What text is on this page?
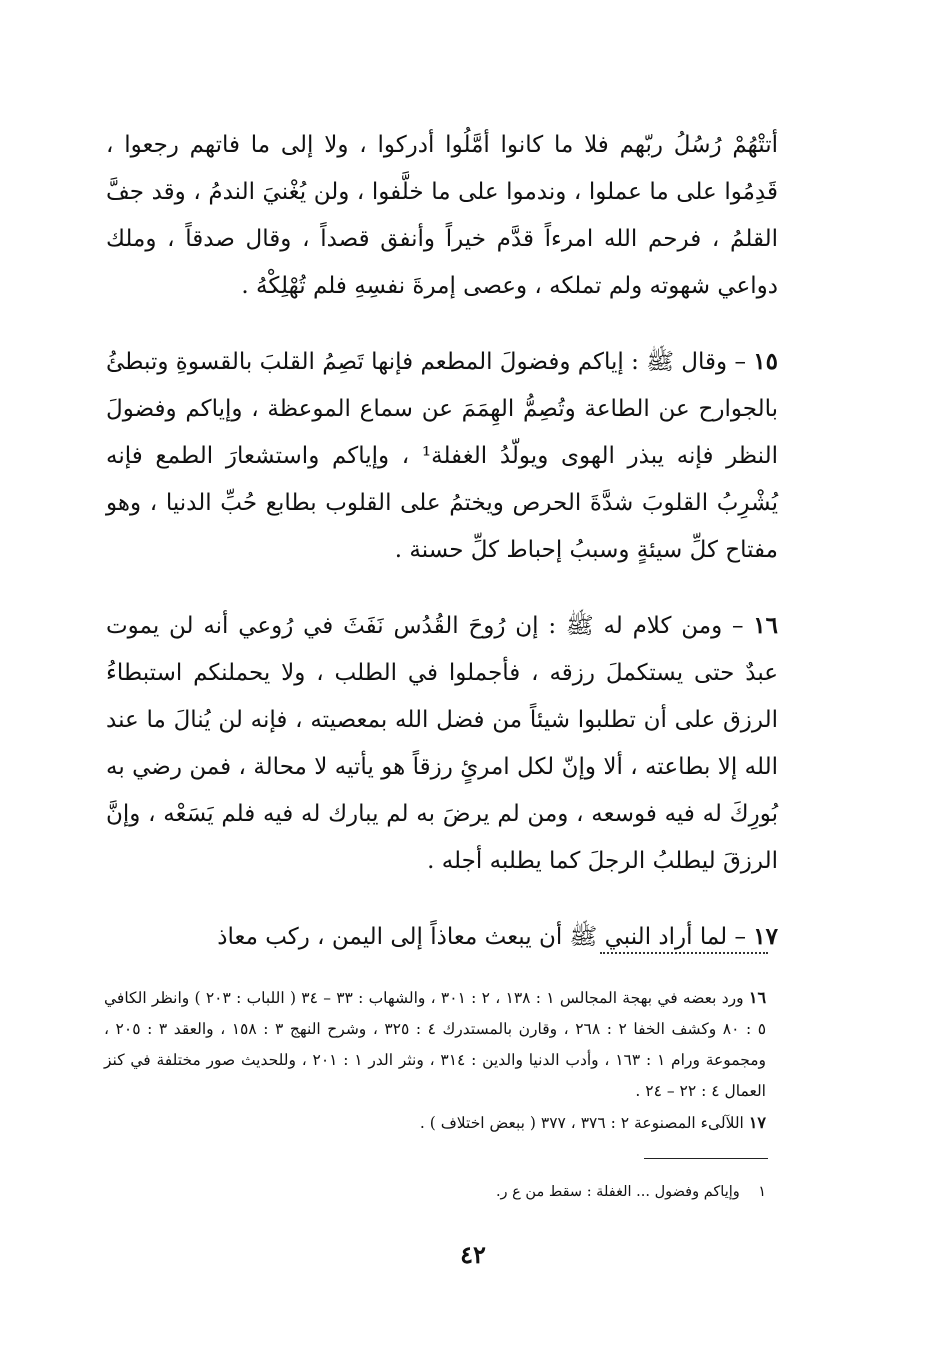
أتتْهُمْ رُسُلُ ربّهم فلا ما كانوا أمَّلُوا أدركوا ، ولا إلى ما فاتهم رجعوا ، قَدِمُوا على ما عملوا ، وندموا على ما خلَّفوا ، ولن يُغْنيَ الندمُ ، وقد جفَّ القلمُ ، فرحم الله امرءاً قدَّم خيراً وأنفق قصداً ، وقال صدقاً ، وملك دواعي شهوته ولم تملكه ، وعصى إمرةَ نفسِهِ فلم تُهْلِكْهُ .

١٥ – وقال ﷺ : إياكم وفضولَ المطعم فإنها تَصِمُ القلبَ بالقسوةِ وتبطئُ بالجوارح عن الطاعة وتُصِمُّ الهِمَمَ عن سماع الموعظة ، وإياكم وفضولَ النظر فإنه يبذر الهوى ويولّدُ الغفلة¹ ، وإياكم واستشعارَ الطمع فإنه يُشْرِبُ القلوبَ شدَّةَ الحرص ويختمُ على القلوب بطابع حُبِّ الدنيا ، وهو مفتاح كلِّ سيئةٍ وسببُ إحباط كلِّ حسنة .

١٦ – ومن كلام له ﷺ : إن رُوحَ القُدُس نَفَثَ في رُوعي أنه لن يموت عبدٌ حتى يستكملَ رزقه ، فأجملوا في الطلب ، ولا يحملنكم استبطاءُ الرزق على أن تطلبوا شيئاً من فضل الله بمعصيته ، فإنه لن يُنالَ ما عند الله إلا بطاعته ، ألا وإنّ لكل امرئٍ رزقاً هو يأتيه لا محالة ، فمن رضي به بُورِكَ له فيه فوسعه ، ومن لم يرضَ به لم يبارك له فيه فلم يَسَعْه ، وإنَّ الرزقَ ليطلبُ الرجلَ كما يطلبه أجله .

١٧ – لما أراد النبي ﷺ أن يبعث معاذاً إلى اليمن ، ركب معاذ

١٦ ورد بعضه في بهجة المجالس ١ : ١٣٨ ، ٢ : ٣٠١ ، والشهاب : ٣٣ – ٣٤ ( اللباب : ٢٠٣ ) وانظر الكافي ٥ : ٨٠ وكشف الخفا ٢ : ٢٦٨ ، وقارن بالمستدرك ٤ : ٣٢٥ ، وشرح النهج ٣ : ١٥٨ ، والعقد ٣ : ٢٠٥ ، ومجموعة ورام ١ : ١٦٣ ، وأدب الدنيا والدين : ٣١٤ ، ونثر الدر ١ : ٢٠١ ، وللحديث صور مختلفة في كنز العمال ٤ : ٢٢ – ٢٤ .

١٧ اللآلىء المصنوعة ٢ : ٣٧٦ ، ٣٧٧ ( ببعض اختلاف ) .

١    وإياكم وفضول ... الغفلة : سقط من ع ر.
٤٢
